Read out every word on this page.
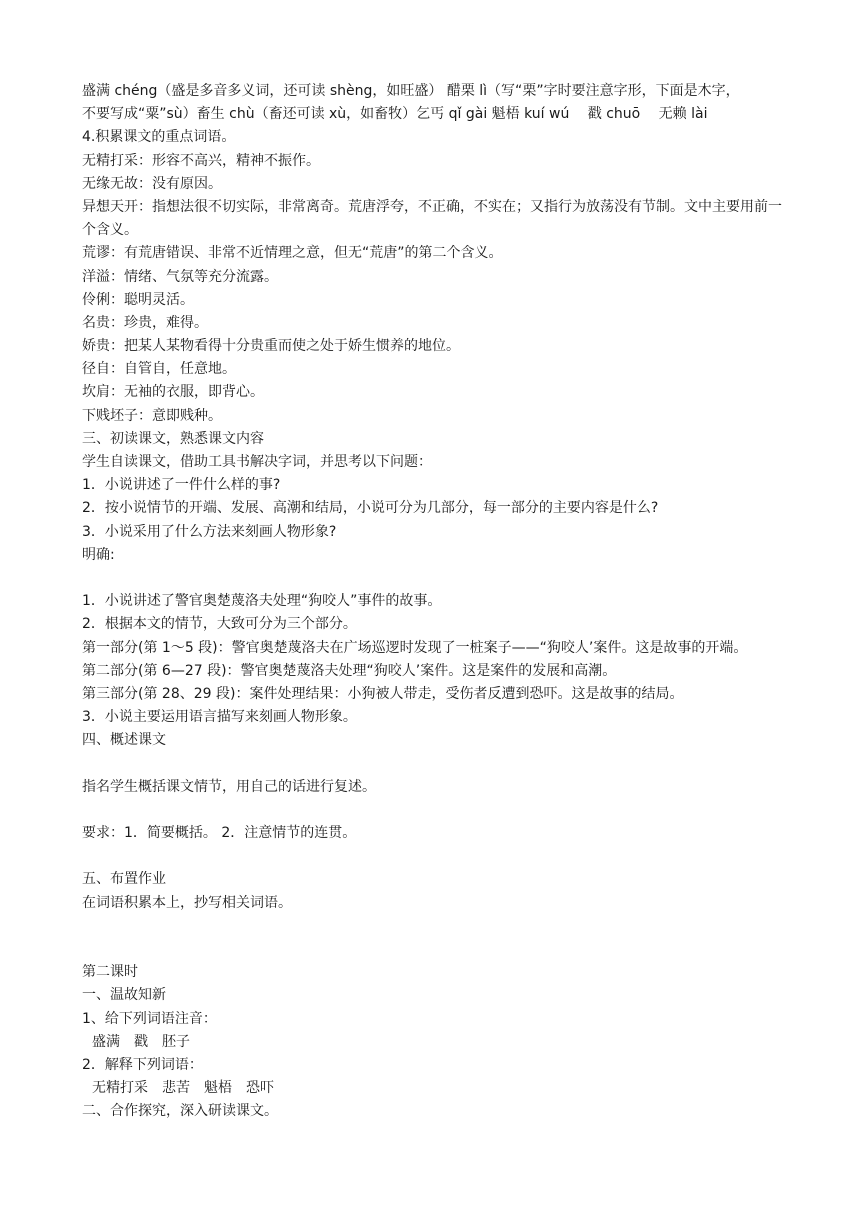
盛满 chéng（盛是多音多义词，还可读 shèng，如旺盛） 醋栗 lì（写“栗”字时要注意字形，下面是木字，
不要写成“粟”sù）畜生 chù（畜还可读 xù，如畜牧）乞丐 qǐ gài 魁梧 kuí wú　 戳 chuō　 无赖 lài
4.积累课文的重点词语。
无精打采：形容不高兴，精神不振作。
无缘无故：没有原因。
异想天开：指想法很不切实际，非常离奇。荒唐浮夸，不正确，不实在；又指行为放荡没有节制。文中主要用前一个含义。
荒谬：有荒唐错误、非常不近情理之意，但无“荒唐”的第二个含义。
洋溢：情绪、气氛等充分流露。
伶俐：聪明灵活。
名贵：珍贵，难得。
娇贵：把某人某物看得十分贵重而使之处于娇生惯养的地位。
径自：自管自，任意地。
坎肩：无袖的衣服，即背心。
下贱坯子：意即贱种。
三、初读课文，熟悉课文内容
学生自读课文，借助工具书解决字词，并思考以下问题：
1．小说讲述了一件什么样的事?
2．按小说情节的开端、发展、高潮和结局，小说可分为几部分，每一部分的主要内容是什么?
3．小说采用了什么方法来刻画人物形象?
明确:
1．小说讲述了警官奥楚蔑洛夫处理“狗咬人”事件的故事。
2．根据本文的情节，大致可分为三个部分。
第一部分(第 1～5 段)：警官奥楚蔑洛夫在广场巡逻时发现了一桩案子——“狗咬人’案件。这是故事的开端。
第二部分(第 6—27 段)：警官奥楚蔑洛夫处理“狗咬人’案件。这是案件的发展和高潮。
第三部分(第 28、29 段)：案件处理结果：小狗被人带走，受伤者反遭到恐吓。这是故事的结局。
3．小说主要运用语言描写来刻画人物形象。
四、概述课文
指名学生概括课文情节，用自己的话进行复述。
要求：1．简要概括。 2．注意情节的连贯。
五、布置作业
在词语积累本上，抄写相关词语。
第二课时
一、温故知新
1、给下列词语注音：
盛满　戳　胚子
2．解释下列词语：
无精打采　悲苦　魁梧　恐吓
二、合作探究，深入研读课文。
